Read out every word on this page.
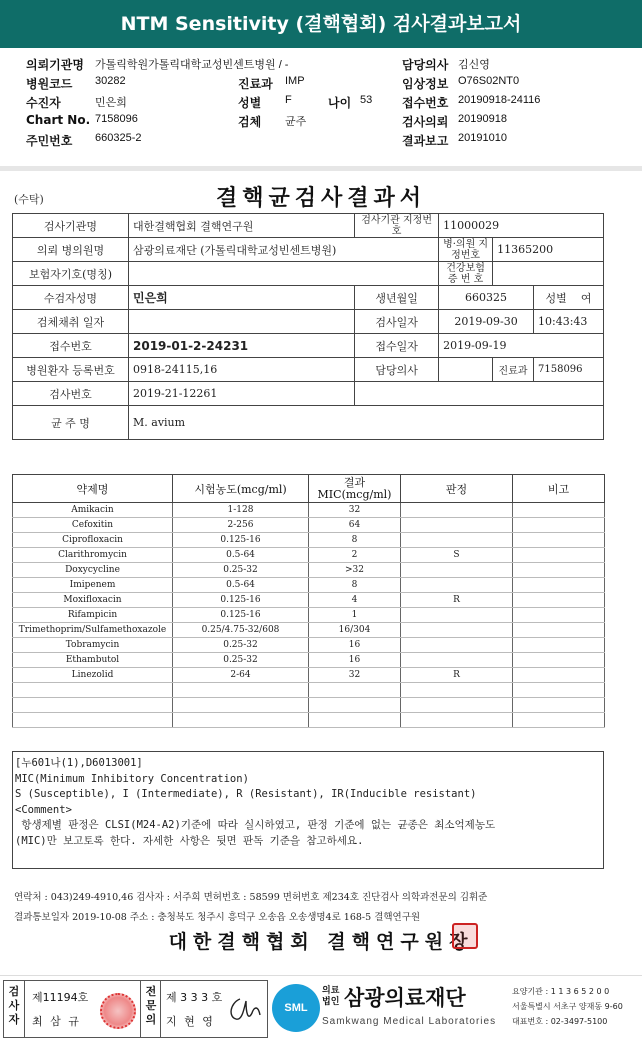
NTM Sensitivity (결핵협회) 검사결과보고서
의뢰기관명 가톨릭학원가톨릭대학교성빈센트병원 / -	담당의사 김신영
병원코드 30282	진료과 IMP	임상정보 O76S02NT0
수진자	민은희	성별 F	나이 53 접수번호 20190918-24116
Chart No. 7158096	검체 균주	검사의뢰 20190918
주민번호 660325-2	결과보고 20191010
(수탁)	결핵균검사결과서
검사기관명	대한결핵협회 결핵연구원	검사기관 지정번호	11000029		
의뢰 병의원명	삼광의료재단 (가톨릭대학교성빈센트병원)		병·의원 지정번호	11365200	
보험자기호(명칭)			건강보험 증 번 호		
수검자성명	민은희	생년월일	660325		성별 여
검체채취 일자		검사일자	2019-09-30		10:43:43
접수번호	2019-01-2-24231	접수일자	2019-09-19		
병원환자 등록번호	0918-24115,16	담당의사		진료과	7158096
검사번호	2019-21-12261				
균 주 명	M. avium				
약제명	시험농도(mcg/ml)	결과 MIC(mcg/ml)	판정	비고
Amikacin	1-128	32		
Cefoxitin	2-256	64		
Ciprofloxacin	0.125-16	8		
Clarithromycin	0.5-64	2	S	
Doxycycline	0.25-32	>32		
Imipenem	0.5-64	8		
Moxifloxacin	0.125-16	4	R	
Rifampicin	0.125-16	1		
Trimethoprim/Sulfamethoxazole	0.25/4.75-32/608	16/304		
Tobramycin	0.25-32	16		
Ethambutol	0.25-32	16		
Linezolid	2-64	32	R	

[누601나(1),D6013001]
MIC(Minimum Inhibitory Concentration)
S (Susceptible), I (Intermediate), R (Resistant), IR(Inducible resistant)
<Comment>
항생제별 판정은 CLSI(M24-A2)기준에 따라 실시하였고, 판정 기준에 없는 균종은 최소억제농도
(MIC)만 보고토록 한다. 자세한 사항은 뒷면 판독 기준을 참고하세요.
연락처 : 043)249-4910,46 검사자 : 서주희 면허번호 : 58599 면허번호 제234호 진단검사 의학과전문의 김휘준
결과통보일자 2019-10-08 주소 : 충청북도 청주시 흥덕구 오송읍 오송생명4로 168-5 결핵연구원
대한결핵협회 결핵연구원장
검사자
제11194호
최 삼 규
전문의
제 3 3 3 호
지 현 영
SML
의료법인 삼광의료재단
Samkwang Medical Laboratories
요양기관 : 1 1 3 6 5 2 0 0
서울특별시 서초구 양재동 9-60
대표번호 : 02-3497-5100
